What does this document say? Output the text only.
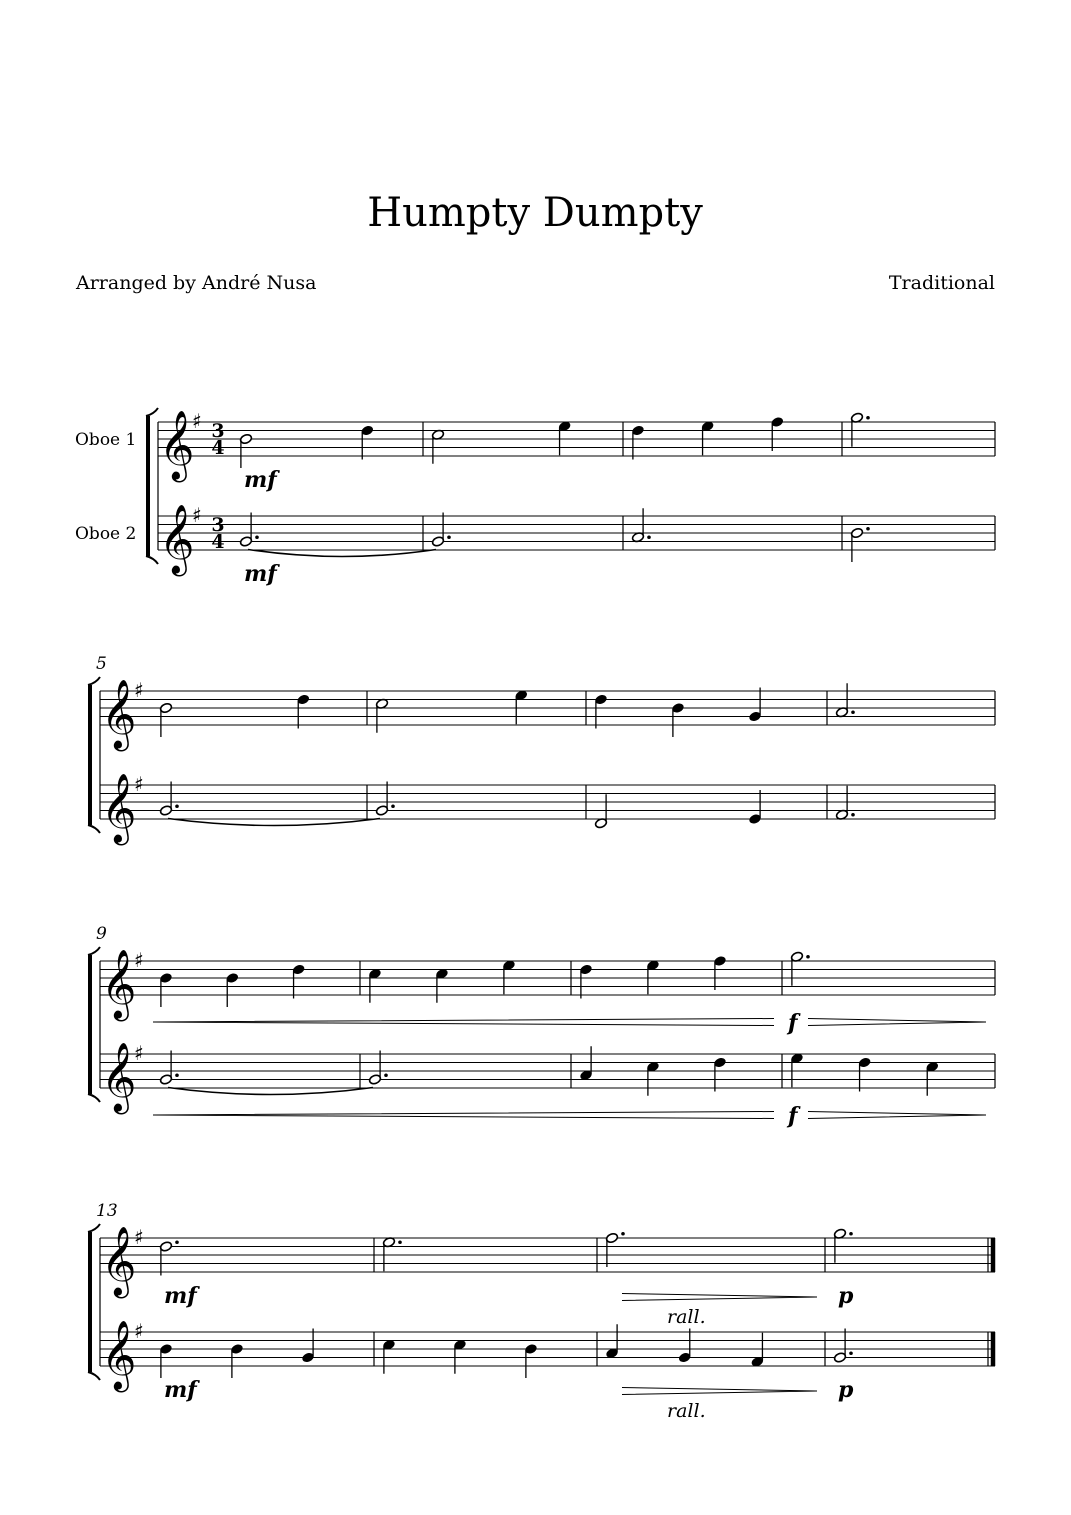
Humpty Dumpty
Arranged by André Nusa	Traditional
Oboe 1 𝄞
♯ 3
4
Oboe 2 𝄞
♯ 3
4
mf
mf
5
𝄞
♯
𝄞
♯
9
𝄞
♯
𝄞
♯
f
f
13
𝄞
♯
𝄞
♯
mf
mf
rall.
rall.
p
p
